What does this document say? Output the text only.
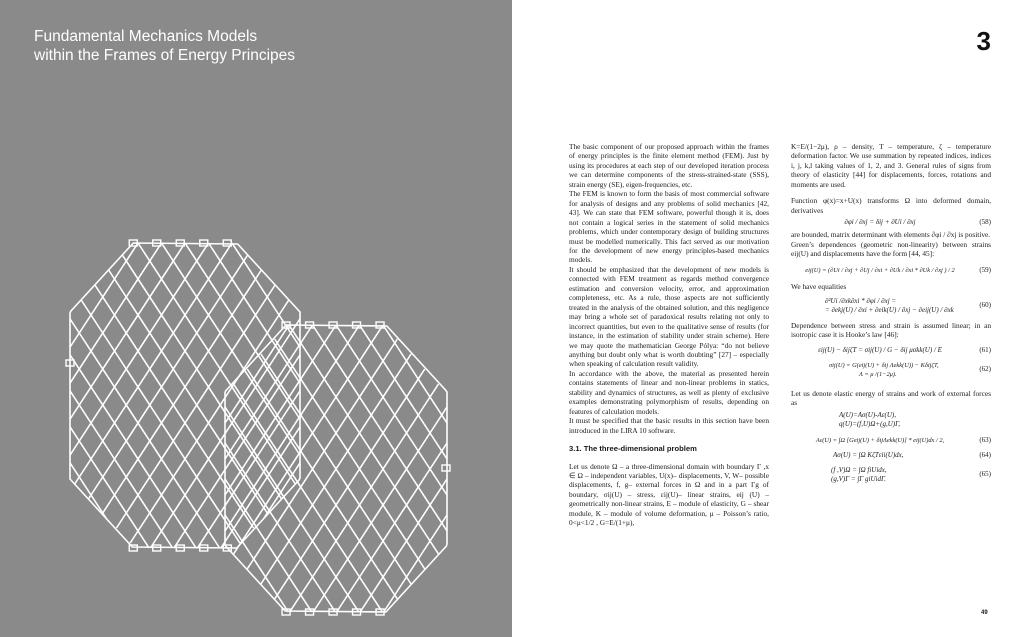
Fundamental Mechanics Models
within the Frames of Energy Principes	3

The basic component of our proposed approach within the frames of energy principles is the finite element method (FEM). Just by using its procedures at each step of our developed iteration process we can determine components of the stress-strained-state (SSS), strain energy (SE), eigen-frequencies, etc.

The FEM is known to form the basis of most commercial software for analysis of designs and any problems of solid mechanics [42, 43]. We can state that FEM software, powerful though it is, does not contain a logical series in the statement of solid mechanics problems, which under contemporary design of building structures must be modelled numerically. This fact served as our motivation for the development of new energy principles-based mechanics models.

It should be emphasized that the development of new models is connected with FEM treatment as regards method convergence estimation and conversion velocity, error, and approximation completeness, etc. As a rule, those aspects are not sufficiently treated in the analysis of the obtained solution, and this negligence may bring a whole set of paradoxical results relating not only to incorrect quantities, but even to the qualitative sense of results (for instance, in the estimation of stability under strain scheme). Here we may quote the mathematician George Pólya: “do not believe anything but doubt only what is worth doubting” [27] – especially when speaking of calculation result validity.

In accordance with the above, the material as presented herein contains statements of linear and non-linear problems in statics, stability and dynamics of structures, as well as plenty of exclusive examples demonstrating polymorphism of results, depending on features of calculation models.

It must be specified that the basic results in this section have been introduced in the LIRA 10 software.

3.1. The three-dimensional problem

Let us denote Ω – a three-dimensional domain with boundary Γ ,x ∈ Ω – independent variables, U(x)– displacements, V, W– possible displacements, f, g– external forces in Ω and in a part Γg of boundary, σij(U) – stress, εij(U)– linear strains, eij (U) – geometrically non-linear strains, E – module of elasticity, G – shear module, K – module of volume deformation, μ – Poisson’s ratio, 0<μ<1/2 , G=E/(1+μ),

K=E/(1−2μ), ρ – density, T – temperature, ζ – temperature deformation factor. We use summation by repeated indices, indices i, j, k,l taking values of 1, 2, and 3. General rules of signs from theory of elasticity [44] for displacements, forces, rotations and moments are used.

Function φ(x)=x+U(x) transforms Ω into deformed domain, derivatives

∂φi / ∂xj = δij + ∂Ui / ∂xj	(58)

are bounded, matrix determinant with elements ∂φi / ∂xj is positive.

Green’s dependences (geometric non-linearity) between strains eij(U) and displacements have the form [44, 45]:

eij(U) = (∂Ui / ∂xj + ∂Uj / ∂xi + ∂Uk / ∂xi * ∂Uk / ∂xj ) / 2	(59)

We have equalities

∂²Ui /∂xk∂xi * ∂φi / ∂xj =
= ∂ekj(U) / ∂xi + ∂eik(U) / ∂xj − ∂eij(U) / ∂xk
(60)

Dependence between stress and strain is assumed linear; in an isotropic case it is Hooke’s law [46]:

εij(U) − δijζT = σij(U) / G − δij μσkk(U) / E	(61)
σij(U) = G(eij(U) + δij Λekk(U)) − KδijζT,
Λ = μ /(1−2μ).
(62)

Let us denote elastic energy of strains and work of external forces as

A(U)=Aσ(U)-Aε(U),
q(U)=(f,U)Ω+(g,U)Γ,
Aε(U) = ∫Ω [Geij(U) + δijΛekk(U)] * eij(U)dx / 2,	(63)
Aσ(U) = ∫Ω KζTεii(U)dx,	(64)
(f ,V)Ω = ∫Ω fiUidx,
(g,V)Γ = ∫Γ giUidΓ.
(65)
49
